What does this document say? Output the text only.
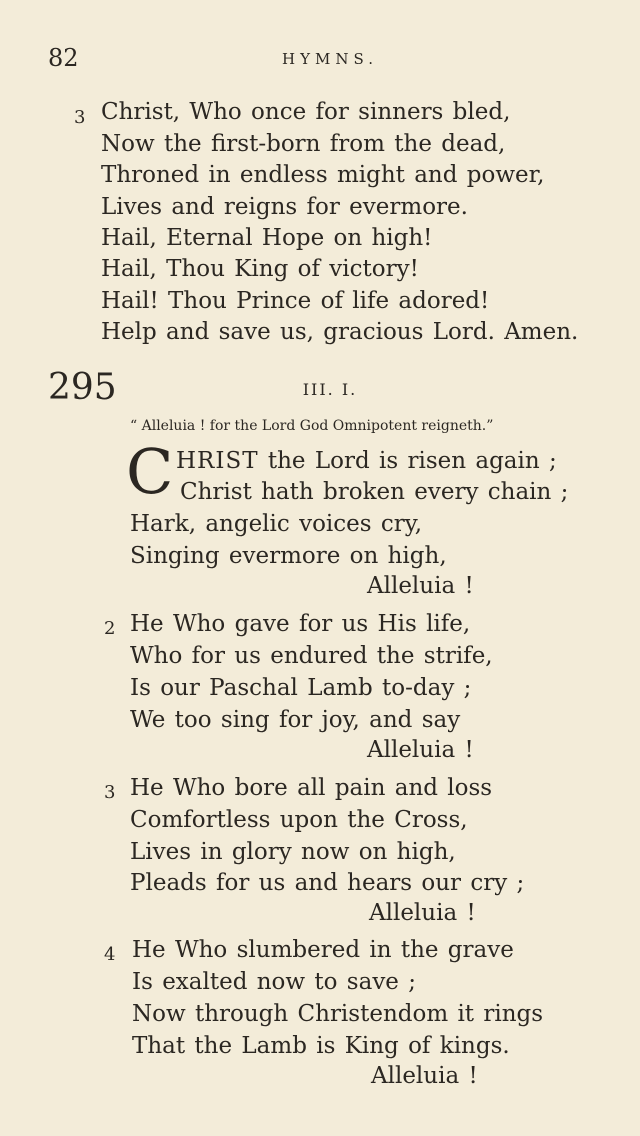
82	HYMNS.
3 Christ, Who once for sinners bled,
Now the first-born from the dead,
Throned in endless might and power,
Lives and reigns for evermore.
Hail, Eternal Hope on high!
Hail, Thou King of victory!
Hail! Thou Prince of life adored!
Help and save us, gracious Lord. Amen.
295	III. I.
“ Alleluia ! for the Lord God Omnipotent reigneth.”
C HRIST the Lord is risen again ;
Christ hath broken every chain ;
Hark, angelic voices cry,
Singing evermore on high,
Alleluia !
2 He Who gave for us His life,
Who for us endured the strife,
Is our Paschal Lamb to-day ;
We too sing for joy, and say
Alleluia !
3 He Who bore all pain and loss
Comfortless upon the Cross,
Lives in glory now on high,
Pleads for us and hears our cry ;
Alleluia !
4 He Who slumbered in the grave
Is exalted now to save ;
Now through Christendom it rings
That the Lamb is King of kings.
Alleluia !
